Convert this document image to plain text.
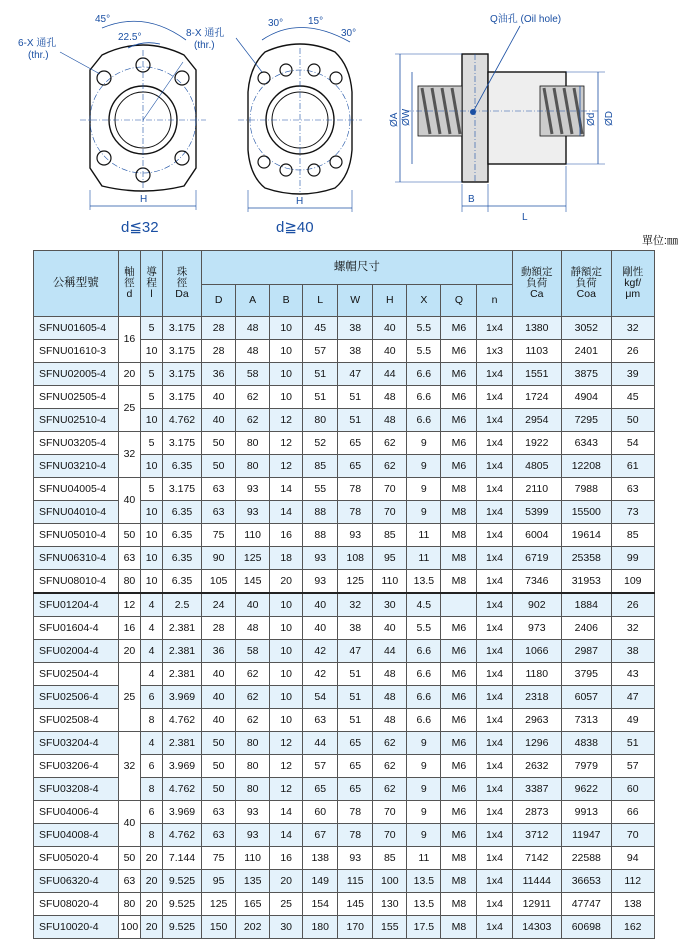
45°
22.5°
6-X 通孔
(thr.)
H
d≦32
30° 15°
30°
8-X 通孔
(thr.)
H
d≧40
Q油孔 (Oil hole)
ØA ØW	Ød ØD
B
L
單位:㎜
公稱型號	軸
徑
d	導
程
l	珠
徑
Da	螺帽尺寸									動額定
負荷
Ca	靜額定
負荷
Coa	剛性
kgf/
μm
				D	A	B	L	W	H	X	Q	n			
SFNU01605-4	16	5	3.175	28	48	10	45	38	40	5.5	M6	1x4	1380	3052	32
SFNU01610-3		10	3.175	28	48	10	57	38	40	5.5	M6	1x3	1103	2401	26
SFNU02005-4	20	5	3.175	36	58	10	51	47	44	6.6	M6	1x4	1551	3875	39
SFNU02505-4	25	5	3.175	40	62	10	51	51	48	6.6	M6	1x4	1724	4904	45
SFNU02510-4		10	4.762	40	62	12	80	51	48	6.6	M6	1x4	2954	7295	50
SFNU03205-4	32	5	3.175	50	80	12	52	65	62	9	M6	1x4	1922	6343	54
SFNU03210-4		10	6.35	50	80	12	85	65	62	9	M6	1x4	4805	12208	61
SFNU04005-4	40	5	3.175	63	93	14	55	78	70	9	M8	1x4	2110	7988	63
SFNU04010-4		10	6.35	63	93	14	88	78	70	9	M8	1x4	5399	15500	73
SFNU05010-4	50	10	6.35	75	110	16	88	93	85	11	M8	1x4	6004	19614	85
SFNU06310-4	63	10	6.35	90	125	18	93	108	95	11	M8	1x4	6719	25358	99
SFNU08010-4	80	10	6.35	105	145	20	93	125	110	13.5	M8	1x4	7346	31953	109
SFU01204-4	12	4	2.5	24	40	10	40	32	30	4.5		1x4	902	1884	26
SFU01604-4	16	4	2.381	28	48	10	40	38	40	5.5	M6	1x4	973	2406	32
SFU02004-4	20	4	2.381	36	58	10	42	47	44	6.6	M6	1x4	1066	2987	38
SFU02504-4	25	4	2.381	40	62	10	42	51	48	6.6	M6	1x4	1180	3795	43
SFU02506-4		6	3.969	40	62	10	54	51	48	6.6	M6	1x4	2318	6057	47
SFU02508-4		8	4.762	40	62	10	63	51	48	6.6	M6	1x4	2963	7313	49
SFU03204-4	32	4	2.381	50	80	12	44	65	62	9	M6	1x4	1296	4838	51
SFU03206-4		6	3.969	50	80	12	57	65	62	9	M6	1x4	2632	7979	57
SFU03208-4		8	4.762	50	80	12	65	65	62	9	M6	1x4	3387	9622	60
SFU04006-4	40	6	3.969	63	93	14	60	78	70	9	M6	1x4	2873	9913	66
SFU04008-4		8	4.762	63	93	14	67	78	70	9	M6	1x4	3712	11947	70
SFU05020-4	50	20	7.144	75	110	16	138	93	85	11	M8	1x4	7142	22588	94
SFU06320-4	63	20	9.525	95	135	20	149	115	100	13.5	M8	1x4	11444	36653	112
SFU08020-4	80	20	9.525	125	165	25	154	145	130	13.5	M8	1x4	12911	47747	138
SFU10020-4	100	20	9.525	150	202	30	180	170	155	17.5	M8	1x4	14303	60698	162
